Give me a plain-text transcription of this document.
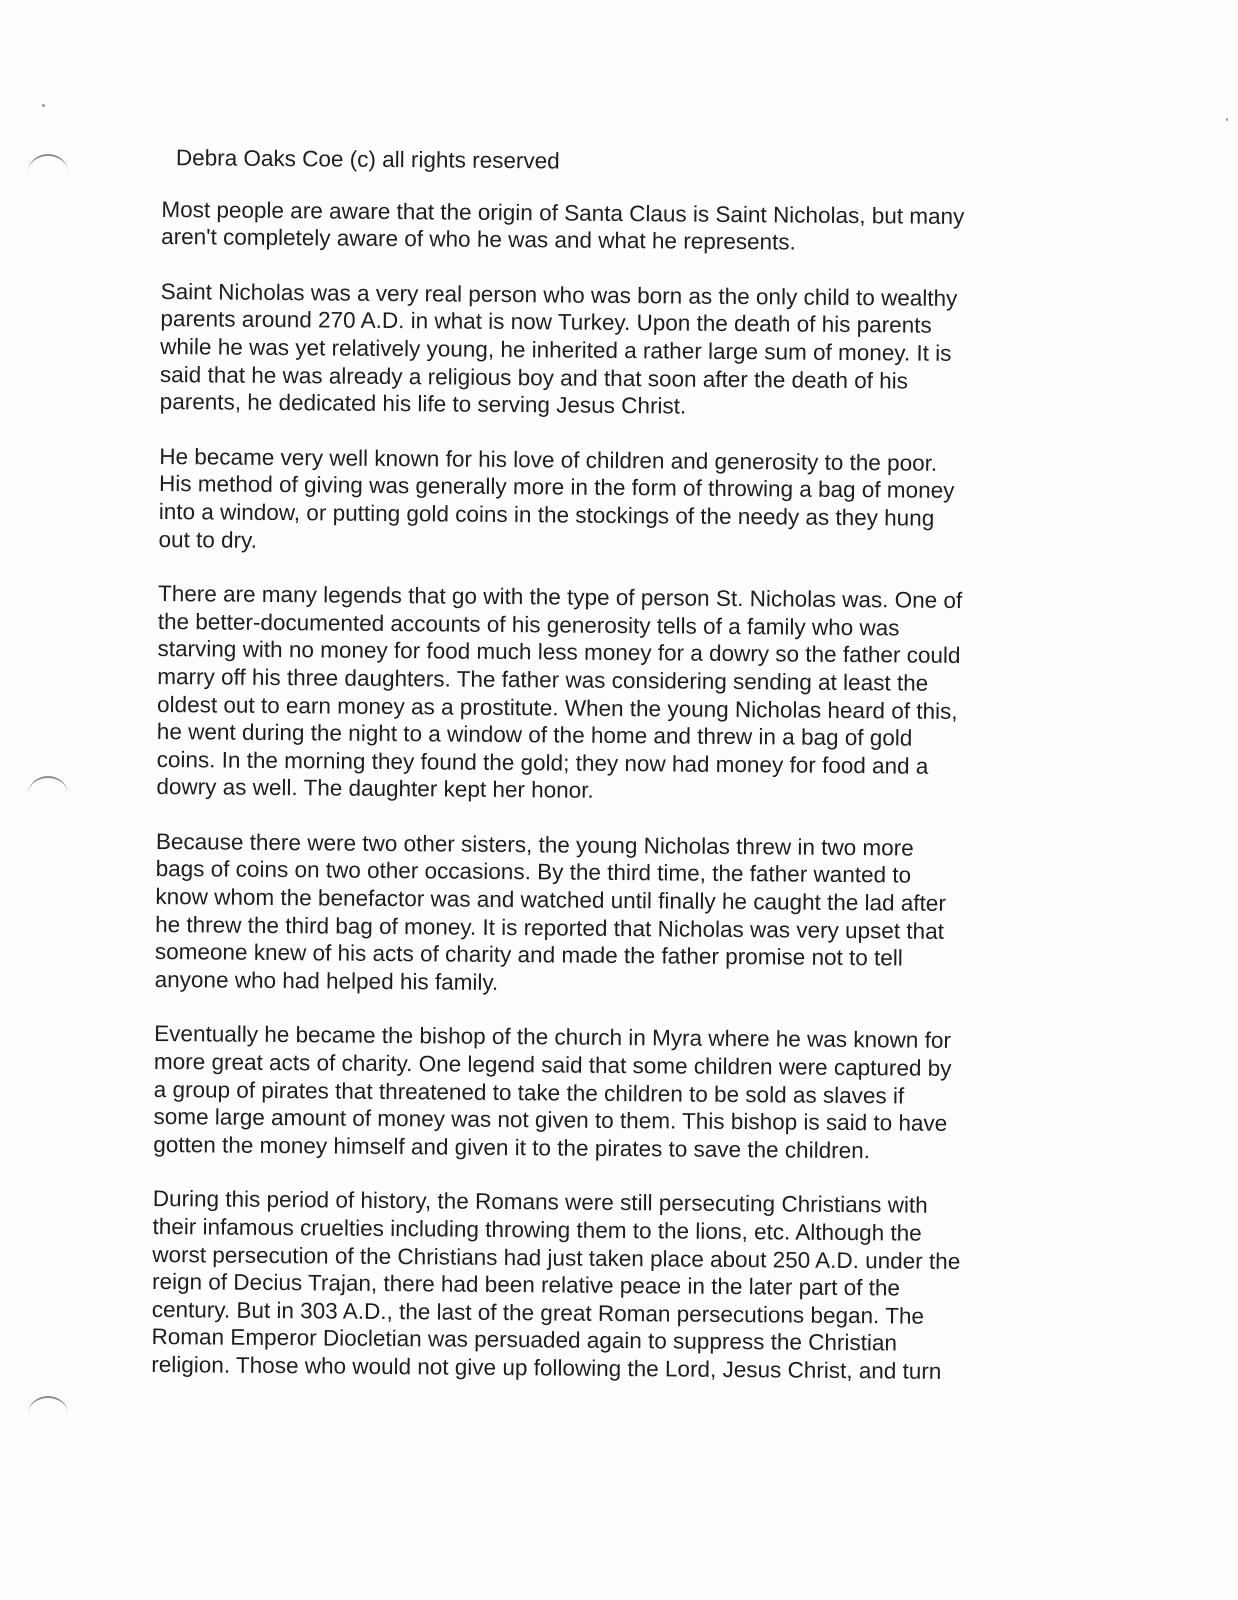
Debra Oaks Coe (c) all rights reserved
Most people are aware that the origin of Santa Claus is Saint Nicholas, but many
aren't completely aware of who he was and what he represents.
Saint Nicholas was a very real person who was born as the only child to wealthy
parents around 270 A.D. in what is now Turkey. Upon the death of his parents
while he was yet relatively young, he inherited a rather large sum of money. It is
said that he was already a religious boy and that soon after the death of his
parents, he dedicated his life to serving Jesus Christ.
He became very well known for his love of children and generosity to the poor.
His method of giving was generally more in the form of throwing a bag of money
into a window, or putting gold coins in the stockings of the needy as they hung
out to dry.
There are many legends that go with the type of person St. Nicholas was. One of
the better-documented accounts of his generosity tells of a family who was
starving with no money for food much less money for a dowry so the father could
marry off his three daughters. The father was considering sending at least the
oldest out to earn money as a prostitute. When the young Nicholas heard of this,
he went during the night to a window of the home and threw in a bag of gold
coins. In the morning they found the gold; they now had money for food and a
dowry as well. The daughter kept her honor.
Because there were two other sisters, the young Nicholas threw in two more
bags of coins on two other occasions. By the third time, the father wanted to
know whom the benefactor was and watched until finally he caught the lad after
he threw the third bag of money. It is reported that Nicholas was very upset that
someone knew of his acts of charity and made the father promise not to tell
anyone who had helped his family.
Eventually he became the bishop of the church in Myra where he was known for
more great acts of charity. One legend said that some children were captured by
a group of pirates that threatened to take the children to be sold as slaves if
some large amount of money was not given to them. This bishop is said to have
gotten the money himself and given it to the pirates to save the children.
During this period of history, the Romans were still persecuting Christians with
their infamous cruelties including throwing them to the lions, etc. Although the
worst persecution of the Christians had just taken place about 250 A.D. under the
reign of Decius Trajan, there had been relative peace in the later part of the
century. But in 303 A.D., the last of the great Roman persecutions began. The
Roman Emperor Diocletian was persuaded again to suppress the Christian
religion. Those who would not give up following the Lord, Jesus Christ, and turn
